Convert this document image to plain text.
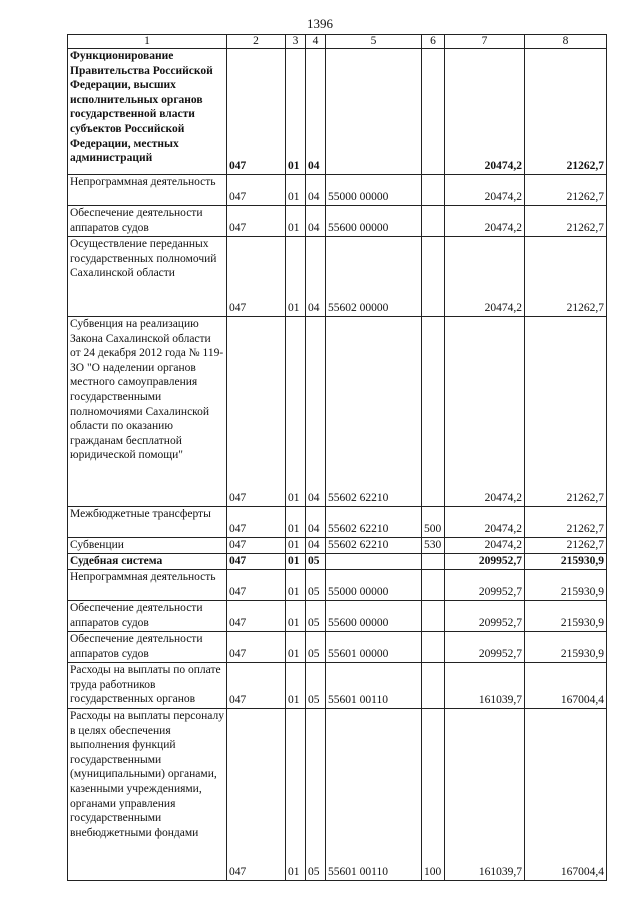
1396
1	2	3	4	5	6	7	8
Функционирование Правительства Российской Федерации, высших исполнительных органов государственной власти субъектов Российской Федерации, местных администраций	047	01	04			20474,2	21262,7
Непрограммная деятельность	047	01	04	55000 00000		20474,2	21262,7
Обеспечение деятельности аппаратов судов	047	01	04	55600 00000		20474,2	21262,7
Осуществление переданных государственных полномочий Сахалинской области	047	01	04	55602 00000		20474,2	21262,7
Субвенция на реализацию Закона Сахалинской области от 24 декабря 2012 года № 119-ЗО "О наделении органов местного самоуправления государственными полномочиями Сахалинской области по оказанию гражданам бесплатной юридической помощи"	047	01	04	55602 62210		20474,2	21262,7
Межбюджетные трансферты	047	01	04	55602 62210	500	20474,2	21262,7
Субвенции	047	01	04	55602 62210	530	20474,2	21262,7
Судебная система	047	01	05			209952,7	215930,9
Непрограммная деятельность	047	01	05	55000 00000		209952,7	215930,9
Обеспечение деятельности аппаратов судов	047	01	05	55600 00000		209952,7	215930,9
Обеспечение деятельности аппаратов судов	047	01	05	55601 00000		209952,7	215930,9
Расходы на выплаты по оплате труда работников государственных органов	047	01	05	55601 00110		161039,7	167004,4
Расходы на выплаты персоналу в целях обеспечения выполнения функций государственными (муниципальными) органами, казенными учреждениями, органами управления государственными внебюджетными фондами	047	01	05	55601 00110	100	161039,7	167004,4
